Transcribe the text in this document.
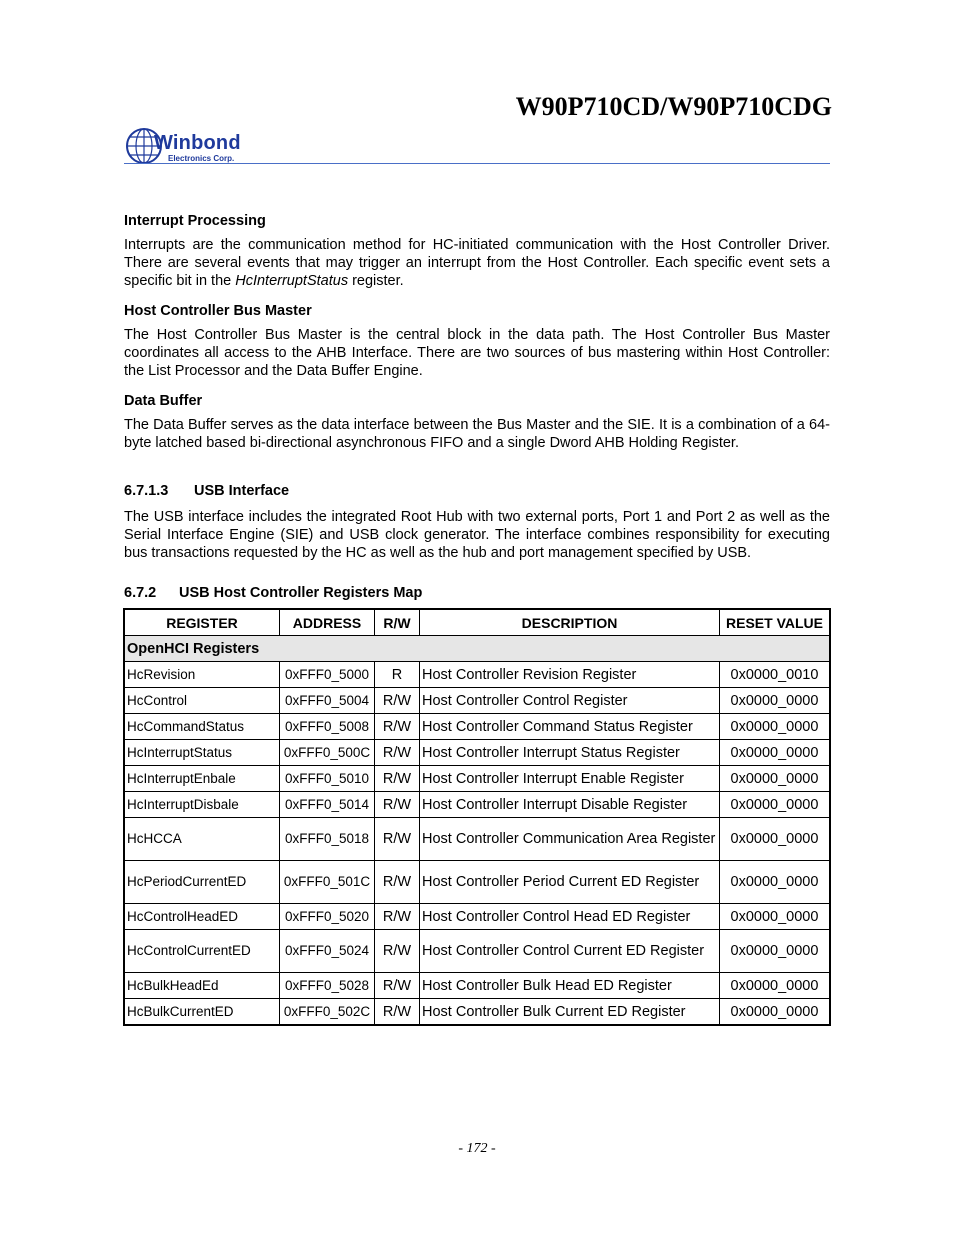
W90P710CD/W90P710CDG
Winbond
Electronics Corp.

Interrupt Processing

Interrupts are the communication method for HC-initiated communication with the Host Controller Driver. There are several events that may trigger an interrupt from the Host Controller. Each specific event sets a specific bit in the HcInterruptStatus register.

Host Controller Bus Master

The Host Controller Bus Master is the central block in the data path. The Host Controller Bus Master coordinates all access to the AHB Interface. There are two sources of bus mastering within Host Controller: the List Processor and the Data Buffer Engine.

Data Buffer

The Data Buffer serves as the data interface between the Bus Master and the SIE. It is a combination of a 64-byte latched based bi-directional asynchronous FIFO and a single Dword AHB Holding Register.

6.7.1.3 USB Interface

The USB interface includes the integrated Root Hub with two external ports, Port 1 and Port 2 as well as the Serial Interface Engine (SIE) and USB clock generator. The interface combines responsibility for executing bus transactions requested by the HC as well as the hub and port management specified by USB.

6.7.2 USB Host Controller Registers Map

REGISTER	ADDRESS	R/W	DESCRIPTION	RESET VALUE
OpenHCI Registers				
HcRevision	0xFFF0_5000	R	Host Controller Revision Register	0x0000_0010
HcControl	0xFFF0_5004	R/W	Host Controller Control Register	0x0000_0000
HcCommandStatus	0xFFF0_5008	R/W	Host Controller Command Status Register	0x0000_0000
HcInterruptStatus	0xFFF0_500C	R/W	Host Controller Interrupt Status Register	0x0000_0000
HcInterruptEnbale	0xFFF0_5010	R/W	Host Controller Interrupt Enable Register	0x0000_0000
HcInterruptDisbale	0xFFF0_5014	R/W	Host Controller Interrupt Disable Register	0x0000_0000
HcHCCA	0xFFF0_5018	R/W	Host Controller Communication Area Register	0x0000_0000
HcPeriodCurrentED	0xFFF0_501C	R/W	Host Controller Period Current ED Register	0x0000_0000
HcControlHeadED	0xFFF0_5020	R/W	Host Controller Control Head ED Register	0x0000_0000
HcControlCurrentED	0xFFF0_5024	R/W	Host Controller Control Current ED Register	0x0000_0000
HcBulkHeadEd	0xFFF0_5028	R/W	Host Controller Bulk Head ED Register	0x0000_0000
HcBulkCurrentED	0xFFF0_502C	R/W	Host Controller Bulk Current ED Register	0x0000_0000
- 172 -
